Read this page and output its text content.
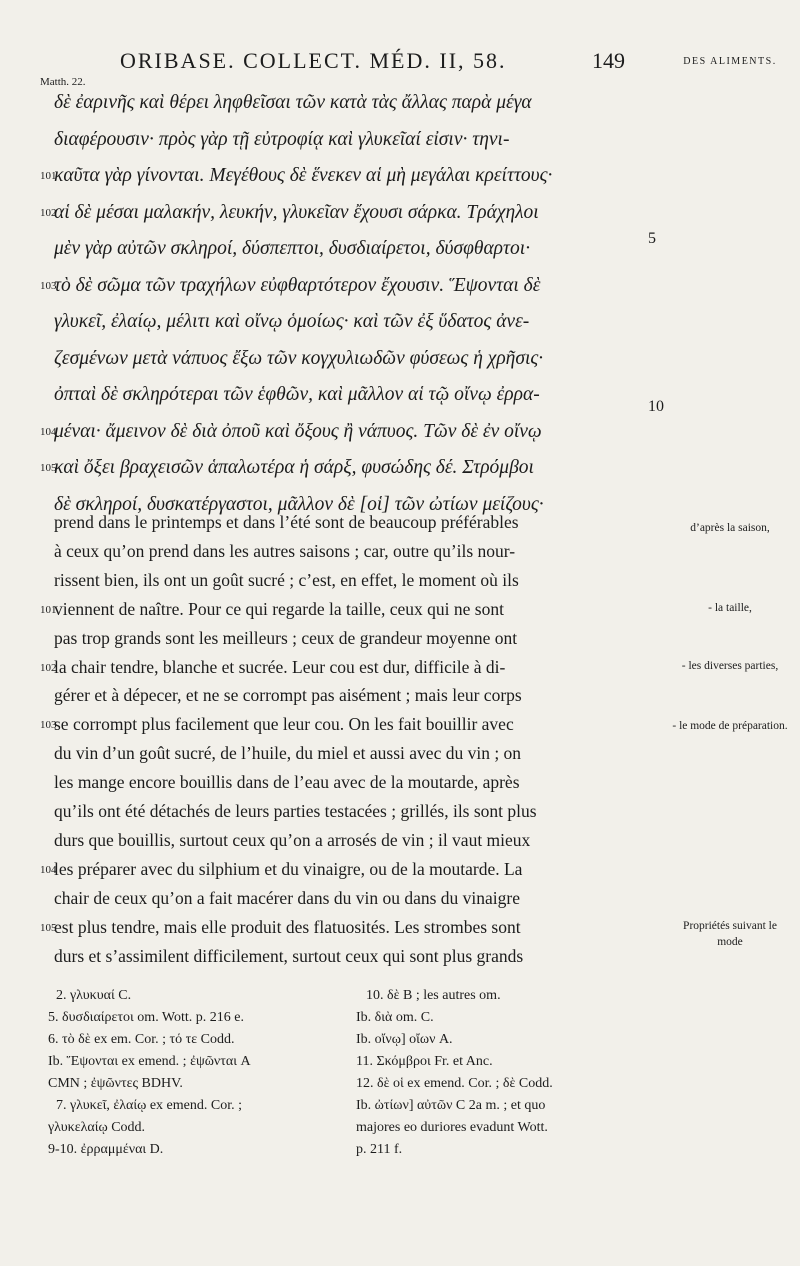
ORIBASE. COLLECT. MÉD. II, 58.	149	DES ALIMENTS.
Matth. 22.
δὲ ἐαρινῆς καὶ θέρει ληφθεῖσαι τῶν κατὰ τὰς ἄλλας παρὰ μέγα
διαφέρουσιν· πρὸς γὰρ τῇ εὐτροφίᾳ καὶ γλυκεῖαί εἰσιν· τηνι-
101καῦτα γὰρ γίνονται. Μεγέθους δὲ ἕνεκεν αἱ μὴ μεγάλαι κρείττους·
102αἱ δὲ μέσαι μαλακήν, λευκήν, γλυκεῖαν ἔχουσι σάρκα. Τράχηλοι
μὲν γὰρ αὐτῶν σκληροί, δύσπεπτοι, δυσδιαίρετοι, δύσφθαρτοι·
103τὸ δὲ σῶμα τῶν τραχήλων εὐφθαρτότερον ἔχουσιν. Ἕψονται δὲ
γλυκεῖ, ἐλαίῳ, μέλιτι καὶ οἴνῳ ὁμοίως· καὶ τῶν ἐξ ὕδατος ἀνε-
ζεσμένων μετὰ νάπυος ἔξω τῶν κογχυλιωδῶν φύσεως ἡ χρῆσις·
ὀπταὶ δὲ σκληρότεραι τῶν ἑφθῶν, καὶ μᾶλλον αἱ τῷ οἴνῳ ἐρρα-
104μέναι· ἄμεινον δὲ διὰ ὀποῦ καὶ ὄξους ἢ νάπυος. Τῶν δὲ ἐν οἴνῳ
105καὶ ὄξει βραχεισῶν ἁπαλωτέρα ἡ σάρξ, φυσώδης δέ. Στρόμβοι
δὲ σκληροί, δυσκατέργαστοι, μᾶλλον δὲ [οἱ] τῶν ὠτίων μείζους·
5
10
prend dans le printemps et dans l’été sont de beaucoup préférables
à ceux qu’on prend dans les autres saisons ; car, outre qu’ils nour-
rissent bien, ils ont un goût sucré ; c’est, en effet, le moment où ils
101viennent de naître. Pour ce qui regarde la taille, ceux qui ne sont
pas trop grands sont les meilleurs ; ceux de grandeur moyenne ont
102la chair tendre, blanche et sucrée. Leur cou est dur, difficile à di-
gérer et à dépecer, et ne se corrompt pas aisément ; mais leur corps
103se corrompt plus facilement que leur cou. On les fait bouillir avec
du vin d’un goût sucré, de l’huile, du miel et aussi avec du vin ; on
les mange encore bouillis dans de l’eau avec de la moutarde, après
qu’ils ont été détachés de leurs parties testacées ; grillés, ils sont plus
durs que bouillis, surtout ceux qu’on a arrosés de vin ; il vaut mieux
104les préparer avec du silphium et du vinaigre, ou de la moutarde. La
chair de ceux qu’on a fait macérer dans du vin ou dans du vinaigre
105est plus tendre, mais elle produit des flatuosités. Les strombes sont
durs et s’assimilent difficilement, surtout ceux qui sont plus grands
d’après la saison,
- la taille,
- les diverses parties,
- le mode de préparation.
Propriétés suivant le mode
2. γλυκυαί C.
5. δυσδιαίρετοι om. Wott. p. 216 e.
6. τὸ δὲ ex em. Cor. ; τό τε Codd.
Ib. Ἕψονται ex emend. ; ἐψῶνται A
CMN ; ἐψῶντες BDHV.
7. γλυκεῖ, ἐλαίῳ ex emend. Cor. ;
γλυκελαίῳ Codd.
9-10. ἐρραμμέναι D.
10. δὲ B ; les autres om.
Ib. διὰ om. C.
Ib. οἴνῳ] οἴων A.
11. Σκόμβροι Fr. et Anc.
12. δὲ οἱ ex emend. Cor. ; δὲ Codd.
Ib. ὠτίων] αὐτῶν C 2a m. ; et quo
majores eo duriores evadunt Wott.
p. 211 f.
